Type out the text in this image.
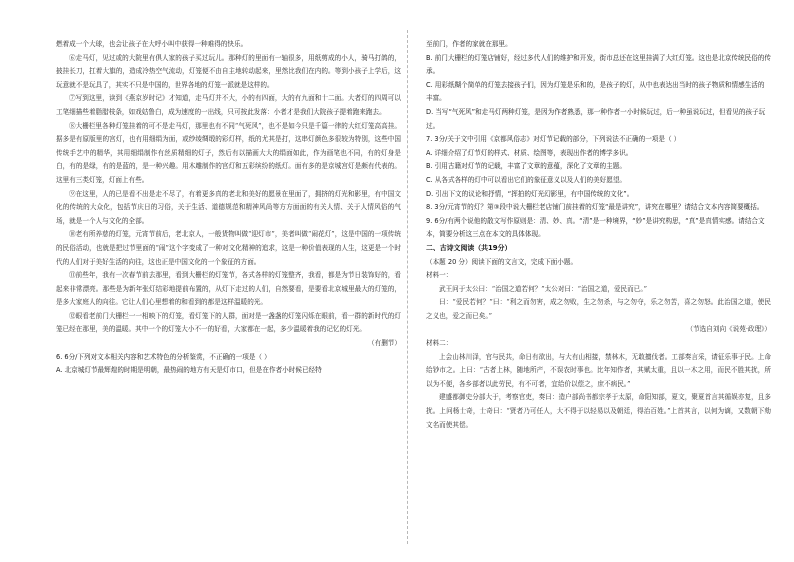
燃着成一个大球，也会让孩子在大呼小叫中获得一种难得的快乐。

⑥走马灯，见过或的大院里有俱人家的孩子买过玩儿。那种灯的里面有一轴很多，用纸剪成的小人，骑马打鸽的，披挂长刀，扛着大旗的，造成冷热空气流动，灯笼便不由自主地转动起来，里然比我们在内的。等到小孩子上学后，这玩意就不是玩具了，其实不只是中国的，世界各地的灯笼一派就是这样的。

⑦写到这里，读到《燕京岁时记》才知道，走马灯并不大，小的有四面，大的有九面和十二面。大者灯的四周可以工笔细描些着脂腊枝条，如戏姑鲁白，成为速度的一出线，只可按此发落：小者才是我们大院孩子提着跑来跑去。

⑧大栅栏里各种灯笼挂着的可不是走马灯，那里也有不同“气死风”，也不是如今只是千篇一律的大红灯笼高高挂。据多是有原版里的宫灯，也有用细绢为面，或纱绫绸缎的彩灯样，纸的尤其是打，这串灯颜色多很较为特别，这些中国传统手艺中的精华，其用细绢制作有丝质精细的灯子，然后有以描画大大的绢面如此，作为画笔也不同，有的灯身是白，有的是绿，有的是蓝的，是一种兴趣。用木雕制作的宫灯和五彩缤纷的纸灯。面有多的是京城宫灯是颇有代表的。这里有三类灯笼，灯面上有些。

⑨在这里，人的已是看不出是走不尽了，有着更多真的老北和美好的愿景在里面了，拥挤的灯光和影里，有中国文化的传统的大众化，包括节庆日的习俗，关于生活、道德规范和精神风尚等方方面面的有关人情、关于人情风俗的气场，就是一个人与文化的全部。

⑩老有所养慈的灯笼，元宵节前后，老北京人，一般货物叫做“迎灯市”，美者叫做“闹花灯”，这是中国的一项传统的民俗活动，也就是把过节里面的“闹”这个字变成了一种对文化精神的追求，这是一种价值表现的人生，这更是一个时代的人们对于美好生活的向往，这也正是中国文化的一个象征的方面。

⑪前些年，我有一次春节前去那里，看到大栅栏的灯笼节，各式各样的灯笼整齐，我看，都是为节日装饰好的，看起来非常漂亮。那些是为新年张灯结彩地提前布置的，从灯下走过的人们，自然要看，是要看北京城里最大的灯笼的，是多大家庭人的向往。它让人们心里想着的和看到的都是这样温暖的光。

⑫眼看老前门大栅栏一一相映下的灯笼，看灯笼下的人群，面对是一盏盏的灯笼闪烁在眼前，看一群的新时代的灯笼已经在那里，美的温暖。其中一个的灯笼大小不一的好看，大家都在一起，多少温暖着我的记忆的灯光。

（有删节）

6. 6分/下列对文本相关内容和艺术特色的分析鉴赏，不正确的一项是（ ）

A. 北京城灯节最辉煌的时期是明朝，最热闹的地方有天是灯市口，但是在作者小时候已经特

至前门，作者的家就在那里。

B. 前门大栅栏的灯笼店铺好，经过多代人们的维护和开发，街市总还在这里挂满了大红灯笼。这也是北京传统民俗的传承。

C. 用彩纸糊个简单的灯笼去接孩子们，因为灯笼是乐和的，是孩子的灯，从中也表达出当时的孩子物质和情感生活的丰富。

D. 当写“气死风”和走马灯两种灯笼，是因为作者熟悉，那一种作者一小时候玩过，后一种虽说玩过，但看见的孩子玩过。

7. 3分/关于文中引用《京都风俗志》对灯节记载的部分，下列说法不正确的一项是（ ）

A. 详细介绍了灯节灯的样式、材质、绘图等，表现出作者的博学多识。

B. 引用古籍对灯节的记载，丰富了文章的意蕴，深化了文章的主题。

C. 从各式各样的灯中可以看出它们的象征意义以及人们的美好愿望。

D. 引出下文的议论和抒情，“挥拍的灯光幻影里，有中国传统的文化”。

8. 3分/元宵节的灯？第③段中说大栅栏老店铺门前挂着的灯笼“最是讲究”，讲究在哪里？请结合文本内容简要概括。

9. 6分/有两个说他的散文写作原则是：清、妙、真。“清”是一种境界，“妙”是讲究构思，“真”是真情实感。请结合文本，简要分析这三点在本文的具体体现。

二、古诗文阅读（共19分）

（本题 20 分）阅读下面的文言文，完成下面小题。

材料一：

武王问于太公曰：“治国之道若何？”太公对曰：“治国之道，爱民而已。”

曰：“爱民若何？”曰：“利之而勿害，成之勿败，生之勿杀，与之勿夺，乐之勿苦，喜之勿怒。此治国之道，使民之义也，爱之而已矣。”

（节选自刘向《说苑·政理》）

材料二：

上会山林川泽，官与民共，命日有欲出，与大有山相接，禁林木，无敢擅伐者。工部奏言采，请征乐事于民。上命给钞市之。上曰：“古者上林，随地所产，不误农时事也。比年知作者，其赋太重，且以一木之用，而民不胜其扰，所以为不便，各乡部者以此劳民，有不可者，宜给价以偿之，庶不病民。”

建盛都御史分部大于，考察官吏，奏曰：造户部尚书都宗孝于太原，命阳知部，夏文，聚夏首言其循娱亦复，且多扰。上问杨士奇，士奇曰：“贤者乃可任人，大不得于以轻易以及朝廷，得治百姓。”上首其言，以何为谪，又数朝下劾文名而使其偿。
